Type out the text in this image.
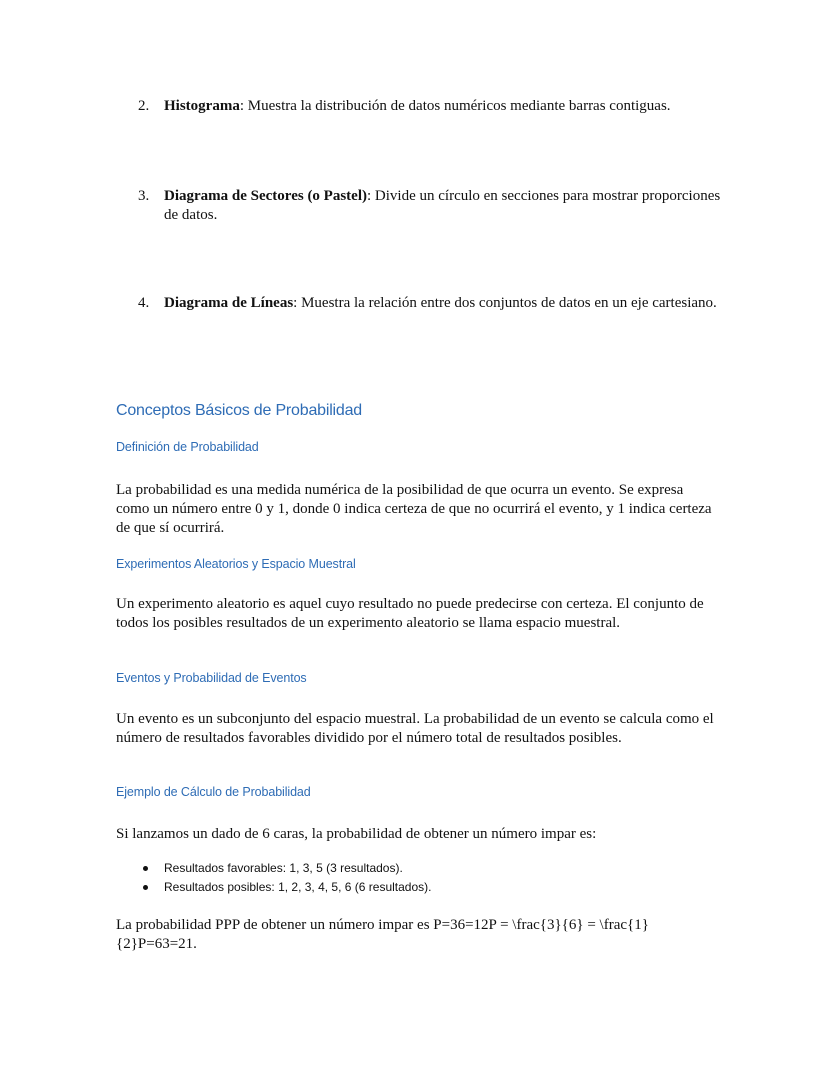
2. Histograma: Muestra la distribución de datos numéricos mediante barras contiguas.
3. Diagrama de Sectores (o Pastel): Divide un círculo en secciones para mostrar proporciones de datos.
4. Diagrama de Líneas: Muestra la relación entre dos conjuntos de datos en un eje cartesiano.
Conceptos Básicos de Probabilidad
Definición de Probabilidad
La probabilidad es una medida numérica de la posibilidad de que ocurra un evento. Se expresa como un número entre 0 y 1, donde 0 indica certeza de que no ocurrirá el evento, y 1 indica certeza de que sí ocurrirá.
Experimentos Aleatorios y Espacio Muestral
Un experimento aleatorio es aquel cuyo resultado no puede predecirse con certeza. El conjunto de todos los posibles resultados de un experimento aleatorio se llama espacio muestral.
Eventos y Probabilidad de Eventos
Un evento es un subconjunto del espacio muestral. La probabilidad de un evento se calcula como el número de resultados favorables dividido por el número total de resultados posibles.
Ejemplo de Cálculo de Probabilidad
Si lanzamos un dado de 6 caras, la probabilidad de obtener un número impar es:
Resultados favorables: 1, 3, 5 (3 resultados).
Resultados posibles: 1, 2, 3, 4, 5, 6 (6 resultados).
La probabilidad PPP de obtener un número impar es P=36=12P = \frac{3}{6} = \frac{1}{2}P=63=21.
